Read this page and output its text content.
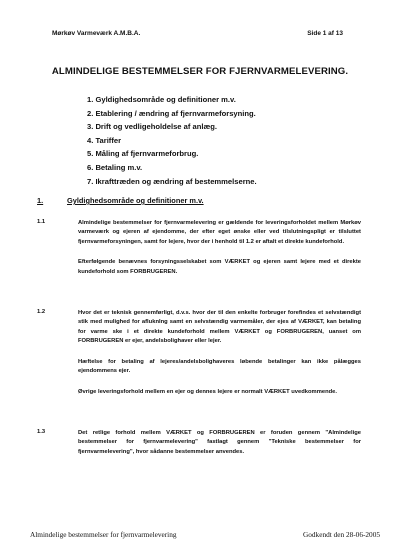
Mørkøv Varmeværk A.M.B.A.	Side 1 af 13
ALMINDELIGE BESTEMMELSER FOR FJERNVARMELEVERING.
1. Gyldighedsområde og definitioner m.v.
2. Etablering / ændring af fjernvarmeforsyning.
3. Drift og vedligeholdelse af anlæg.
4. Tariffer
5. Måling af fjernvarmeforbrug.
6. Betaling m.v.
7. Ikrafttræden og ændring af bestemmelserne.
1.	Gyldighedsområde og definitioner m.v.
1.1	Almindelige bestemmelser for fjernvarmelevering er gældende for leveringsforholdet mellem Mørkøv varmeværk og ejeren af ejendomme, der efter eget ønske eller ved tilslutningspligt er tilsluttet fjernvarmeforsyningen, samt for lejere, hvor der i henhold til 1.2 er aftalt et direkte kundeforhold.

Efterfølgende benævnes forsyningsselskabet som VÆRKET og ejeren samt lejere med et direkte kundeforhold som FORBRUGEREN.

1.2	Hvor det er teknisk gennemførligt, d.v.s. hvor der til den enkelte forbruger forefindes et selvstændigt stik med mulighed for afluknIng samt en selvstændig varmemåler, der ejes af VÆRKET, kan betaling for varme ske i et direkte kundeforhold mellem VÆRKET og FORBRUGEREN, uanset om FORBRUGEREN er ejer, andelsbolighaver eller lejer.

Hæftelse for betaling af lejeres/andelsbolighaveres løbende betalinger kan ikke pålægges ejendommens ejer.

Øvrige leveringsforhold mellem en ejer og dennes lejere er normalt VÆRKET uvedkommende.

1.3	Det retlige forhold mellem VÆRKET og FORBRUGEREN er foruden gennem "Almindelige bestemmelser for fjernvarmelevering" fastlagt gennem "Tekniske bestemmelser for fjernvarmelevering", hvor sådanne bestemmelser anvendes.

Almindelige bestemmelser for fjernvarmelevering	Godkendt den 28-06-2005
